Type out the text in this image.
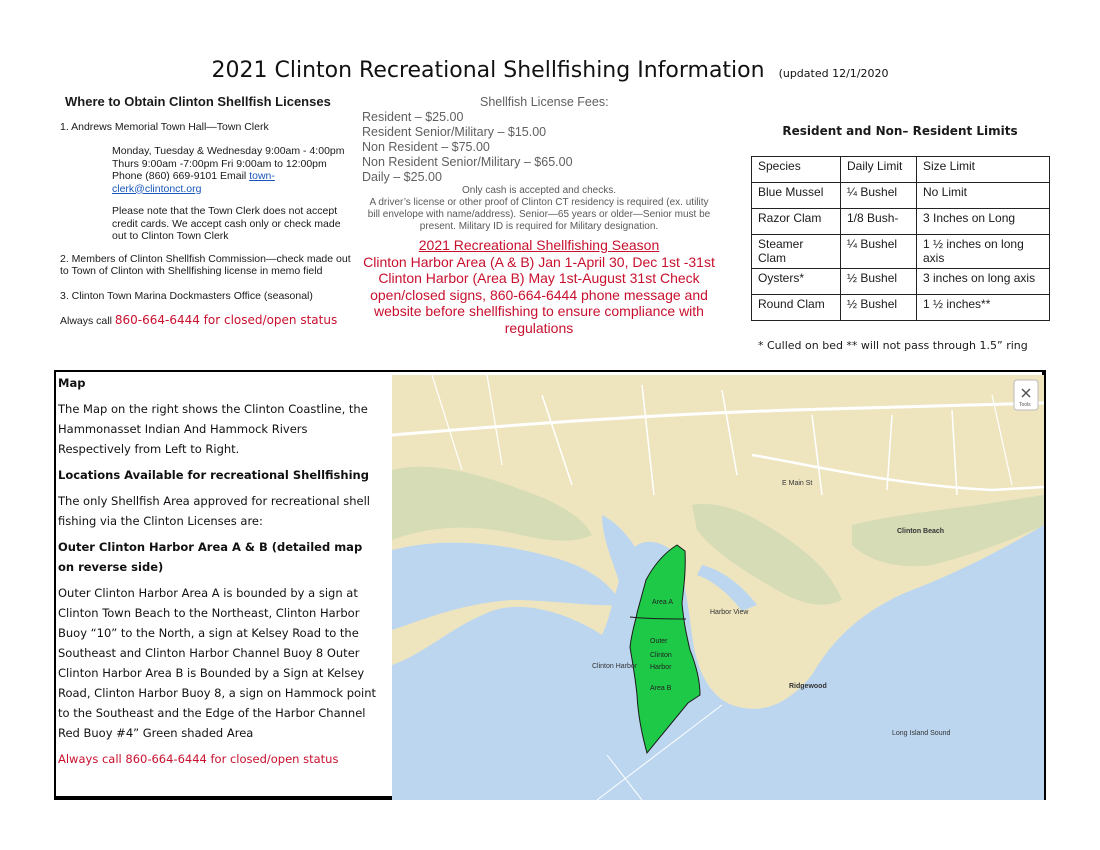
2021 Clinton Recreational Shellfishing Information (updated 12/1/2020

Where to Obtain Clinton Shellfish Licenses

1. Andrews Memorial Town Hall—Town Clerk

Monday, Tuesday & Wednesday 9:00am - 4:00pm Thurs 9:00am -7:00pm Fri 9:00am to 12:00pm Phone (860) 669-9101 Email town-clerk@clintonct.org

Please note that the Town Clerk does not accept credit cards. We accept cash only or check made out to Clinton Town Clerk

2. Members of Clinton Shellfish Commission—check made out to Town of Clinton with Shellfishing license in memo field

3. Clinton Town Marina Dockmasters Office (seasonal)

Always call 860-664-6444 for closed/open status

Shellfish License Fees:
Resident – $25.00
Resident Senior/Military – $15.00
Non Resident – $75.00
Non Resident Senior/Military – $65.00
Daily – $25.00
Only cash is accepted and checks.
A driver’s license or other proof of Clinton CT residency is required (ex. utility bill envelope with name/address). Senior—65 years or older—Senior must be present. Military ID is required for Military designation.
2021 Recreational Shellfishing Season
Clinton Harbor Area (A & B) Jan 1-April 30, Dec 1st -31st Clinton Harbor (Area B) May 1st-August 31st Check open/closed signs, 860-664-6444 phone message and website before shellfishing to ensure compliance with regulations
Resident and Non– Resident Limits
Species	Daily Limit	Size Limit
Blue Mussel	¼ Bushel	No Limit
Razor Clam	1/8 Bush-	3 Inches on Long
Steamer Clam	¼ Bushel	1 ½ inches on long axis
Oysters*	½ Bushel	3 inches on long axis
Round Clam	½ Bushel	1 ½ inches**
* Culled on bed ** will not pass through 1.5” ring

Map

The Map on the right shows the Clinton Coastline, the Hammonasset Indian And Hammock Rivers Respectively from Left to Right.

Locations Available for recreational Shellfishing

The only Shellfish Area approved for recreational shell fishing via the Clinton Licenses are:

Outer Clinton Harbor Area A & B (detailed map on reverse side)

Outer Clinton Harbor Area A is bounded by a sign at Clinton Town Beach to the Northeast, Clinton Harbor Buoy “10” to the North, a sign at Kelsey Road to the Southeast and Clinton Harbor Channel Buoy 8 Outer Clinton Harbor Area B is Bounded by a Sign at Kelsey Road, Clinton Harbor Buoy 8, a sign on Hammock point to the Southeast and the Edge of the Harbor Channel Red Buoy #4” Green shaded Area

Always call 860-664-6444 for closed/open status

Area A
Outer
Clinton
Harbor
Area B
Clinton Beach
Harbor View
Ridgewood
Clinton Harbor
Long Island Sound
E Main St
Tools
